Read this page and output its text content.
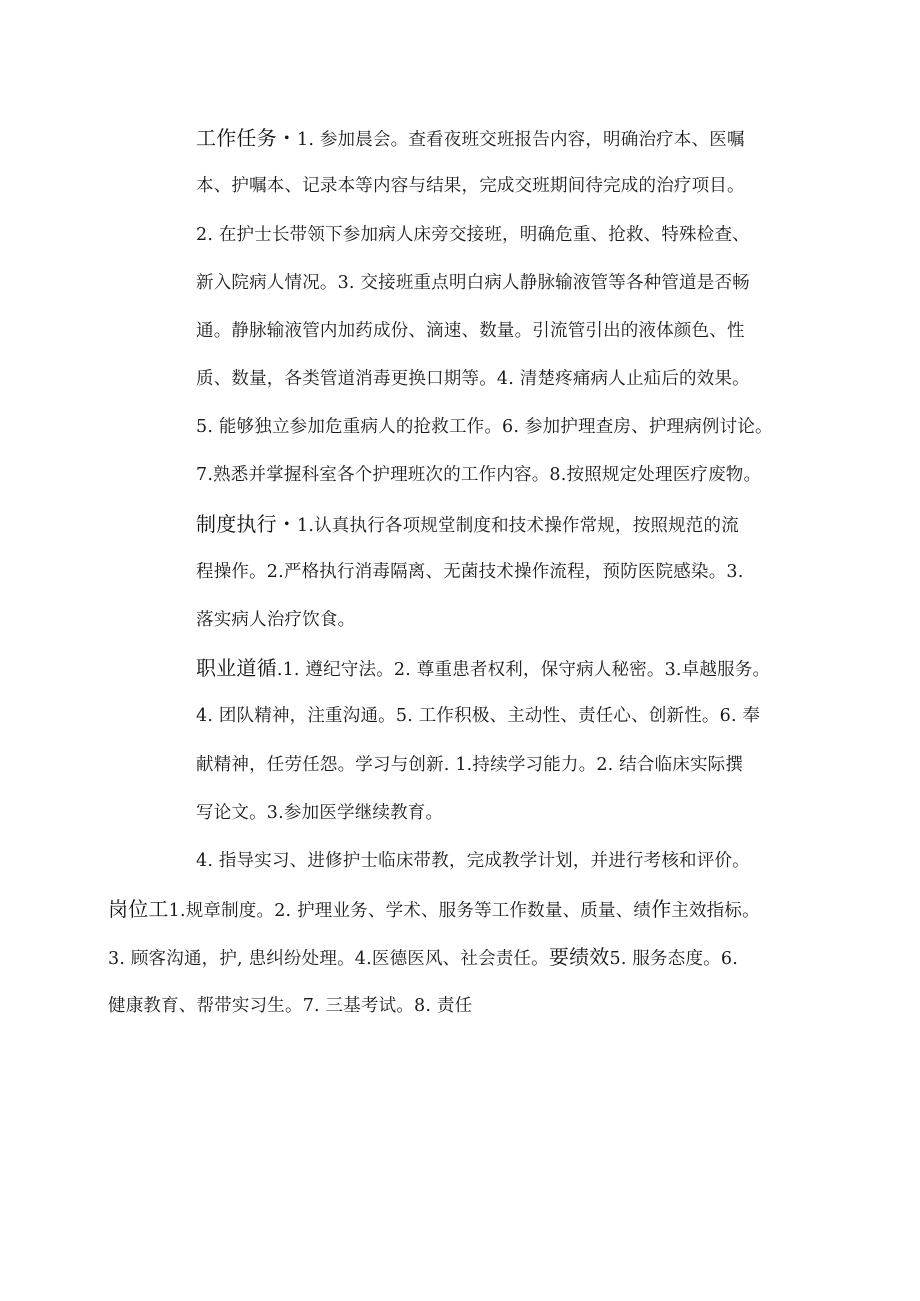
工作任务・1. 参加晨会。查看夜班交班报告内容，明确治疗本、医嘱
本、护嘱本、记录本等内容与结果，完成交班期间待完成的治疗项目。
2. 在护士长带领下参加病人床旁交接班，明确危重、抢救、特殊检查、
新入院病人情况。3. 交接班重点明白病人静脉输液管等各种管道是否畅
通。静脉输液管内加药成份、滴速、数量。引流管引出的液体颜色、性
质、数量，各类管道消毒更换口期等。4. 清楚疼痛病人止疝后的效果。
5. 能够独立参加危重病人的抢救工作。6. 参加护理查房、护理病例讨论。
7.熟悉并掌握科室各个护理班次的工作内容。8.按照规定处理医疗废物。
制度执行・1.认真执行各项规堂制度和技术操作常规，按照规范的流
程操作。2.严格执行消毒隔离、无菌技术操作流程，预防医院感染。3.
落实病人治疗饮食。
职业道循.1. 遵纪守法。2. 尊重患者权利，保守病人秘密。3.卓越服务。
4. 团队精神，注重沟通。5. 工作积极、主动性、责任心、创新性。6. 奉
献精神，任劳任怨。学习与创新. 1.持续学习能力。2. 结合临床实际撰
写论文。3.参加医学继续教育。
4. 指导实习、进修护士临床带教，完成教学计划，并进行考核和评价。
岗位工1.规章制度。2. 护理业务、学术、服务等工作数量、质量、绩作主效指标。
3. 顾客沟通，护, 患纠纷处理。4.医德医风、社会责任。要绩效5. 服务态度。6.
健康教育、帮带实习生。7. 三基考试。8. 责任
